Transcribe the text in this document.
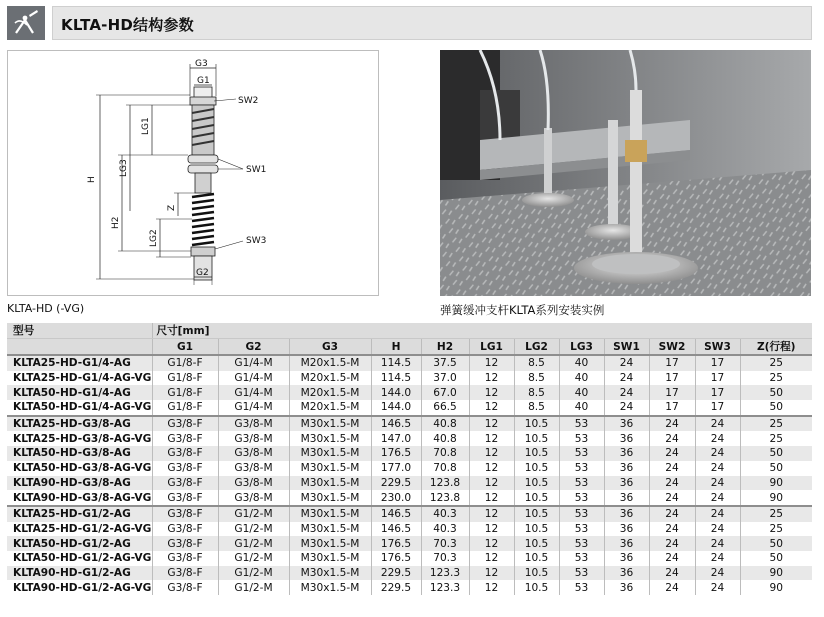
KLTA-HD结构参数
G3
G1
G2
SW2
SW1
SW3
H
H2
LG3
LG1
LG2
Z
KLTA-HD (-VG)	弹簧缓冲支杆KLTA系列安装实例
型号	尺寸[mm]											
	G1	G2	G3	H	H2	LG1	LG2	LG3	SW1	SW2	SW3	Z(行程)
KLTA25-HD-G1/4-AG	G1/8-F	G1/4-M	M20x1.5-M	114.5	37.5	12	8.5	40	24	17	17	25
KLTA25-HD-G1/4-AG-VG	G1/8-F	G1/4-M	M20x1.5-M	114.5	37.0	12	8.5	40	24	17	17	25
KLTA50-HD-G1/4-AG	G1/8-F	G1/4-M	M20x1.5-M	144.0	67.0	12	8.5	40	24	17	17	50
KLTA50-HD-G1/4-AG-VG	G1/8-F	G1/4-M	M20x1.5-M	144.0	66.5	12	8.5	40	24	17	17	50
KLTA25-HD-G3/8-AG	G3/8-F	G3/8-M	M30x1.5-M	146.5	40.8	12	10.5	53	36	24	24	25
KLTA25-HD-G3/8-AG-VG	G3/8-F	G3/8-M	M30x1.5-M	147.0	40.8	12	10.5	53	36	24	24	25
KLTA50-HD-G3/8-AG	G3/8-F	G3/8-M	M30x1.5-M	176.5	70.8	12	10.5	53	36	24	24	50
KLTA50-HD-G3/8-AG-VG	G3/8-F	G3/8-M	M30x1.5-M	177.0	70.8	12	10.5	53	36	24	24	50
KLTA90-HD-G3/8-AG	G3/8-F	G3/8-M	M30x1.5-M	229.5	123.8	12	10.5	53	36	24	24	90
KLTA90-HD-G3/8-AG-VG	G3/8-F	G3/8-M	M30x1.5-M	230.0	123.8	12	10.5	53	36	24	24	90
KLTA25-HD-G1/2-AG	G3/8-F	G1/2-M	M30x1.5-M	146.5	40.3	12	10.5	53	36	24	24	25
KLTA25-HD-G1/2-AG-VG	G3/8-F	G1/2-M	M30x1.5-M	146.5	40.3	12	10.5	53	36	24	24	25
KLTA50-HD-G1/2-AG	G3/8-F	G1/2-M	M30x1.5-M	176.5	70.3	12	10.5	53	36	24	24	50
KLTA50-HD-G1/2-AG-VG	G3/8-F	G1/2-M	M30x1.5-M	176.5	70.3	12	10.5	53	36	24	24	50
KLTA90-HD-G1/2-AG	G3/8-F	G1/2-M	M30x1.5-M	229.5	123.3	12	10.5	53	36	24	24	90
KLTA90-HD-G1/2-AG-VG	G3/8-F	G1/2-M	M30x1.5-M	229.5	123.3	12	10.5	53	36	24	24	90
